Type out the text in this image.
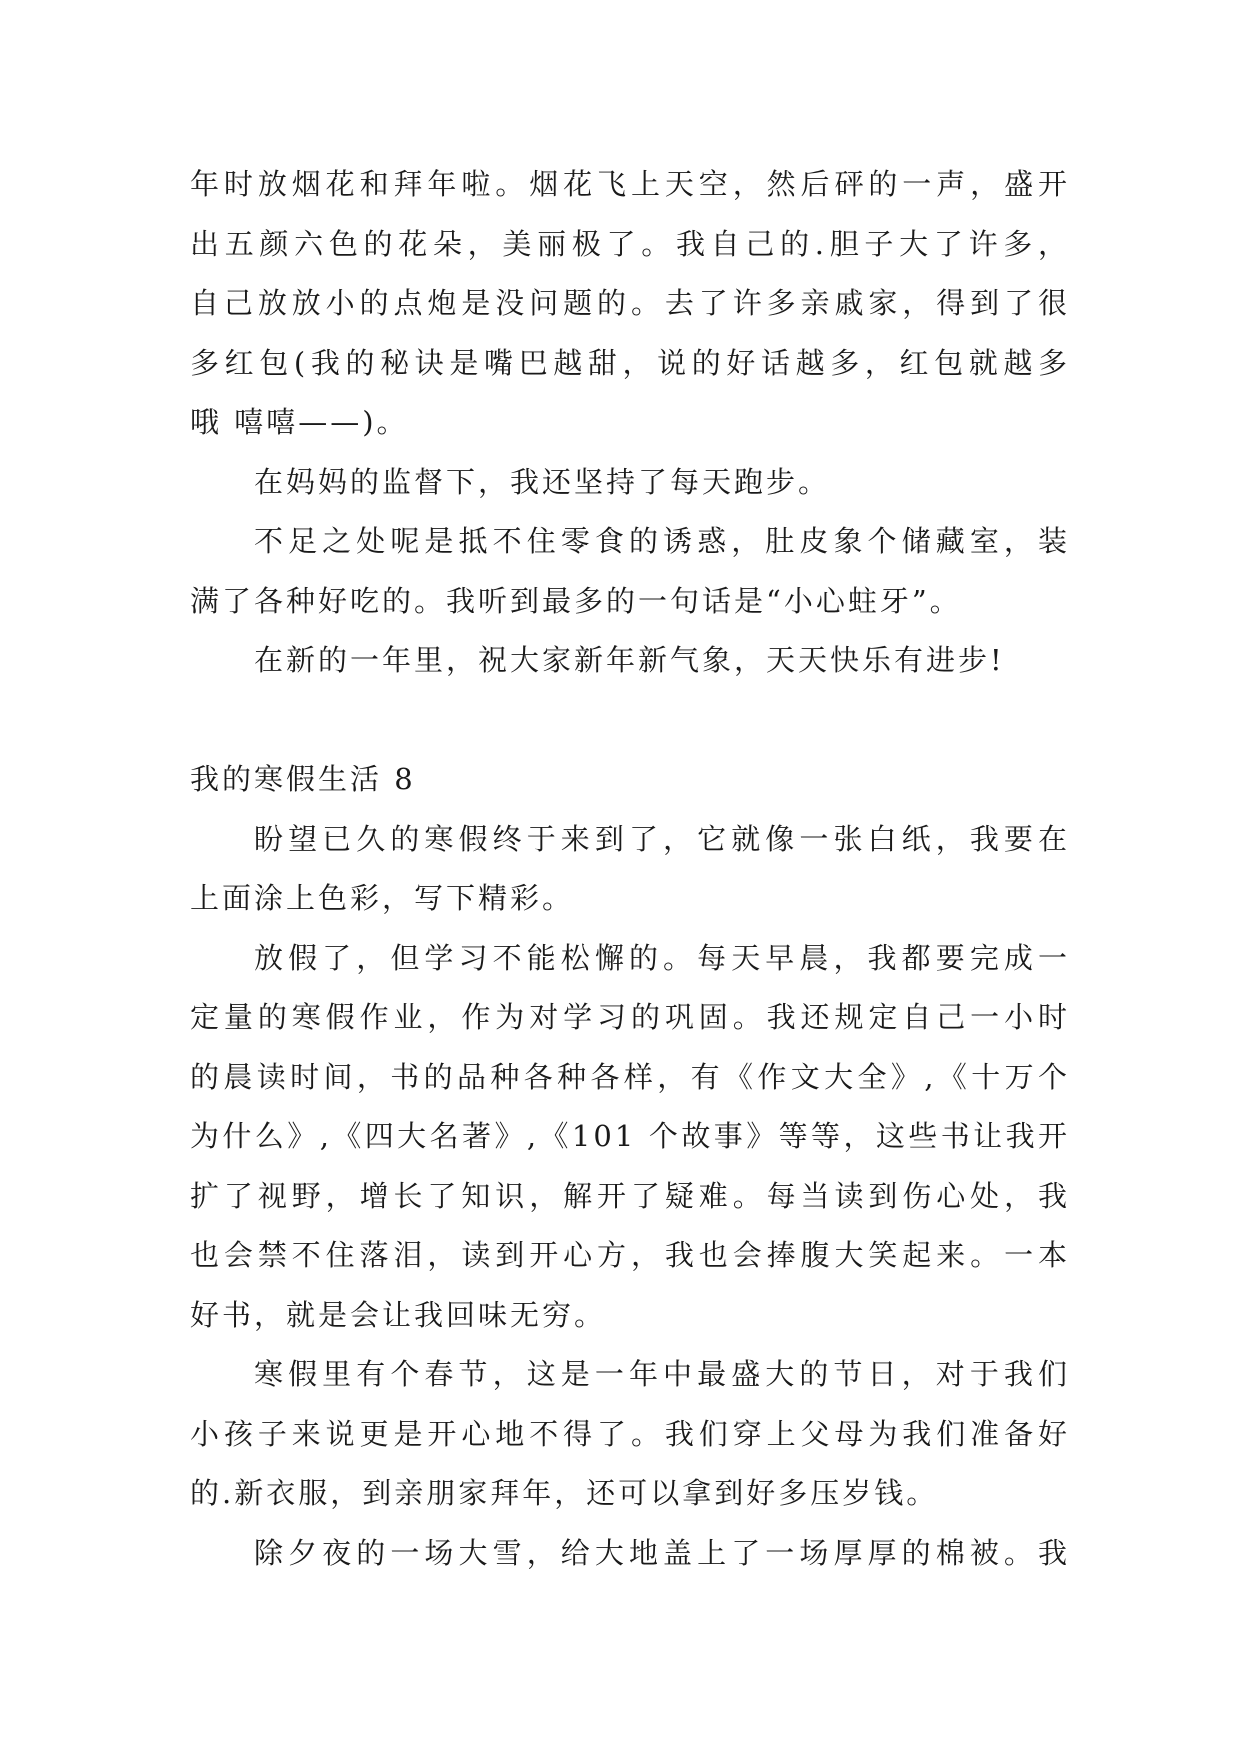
年时放烟花和拜年啦。烟花飞上天空，然后砰的一声，盛开
出五颜六色的花朵，美丽极了。我自己的.胆子大了许多，
自己放放小的点炮是没问题的。去了许多亲戚家，得到了很
多红包(我的秘诀是嘴巴越甜，说的好话越多，红包就越多
哦 嘻嘻——)。
在妈妈的监督下，我还坚持了每天跑步。
不足之处呢是抵不住零食的诱惑，肚皮象个储藏室，装
满了各种好吃的。我听到最多的一句话是“小心蛀牙”。
在新的一年里，祝大家新年新气象，天天快乐有进步!
我的寒假生活 8
盼望已久的寒假终于来到了，它就像一张白纸，我要在
上面涂上色彩，写下精彩。
放假了，但学习不能松懈的。每天早晨，我都要完成一
定量的寒假作业，作为对学习的巩固。我还规定自己一小时
的晨读时间，书的品种各种各样，有《作文大全》,《十万个
为什么》,《四大名著》,《101 个故事》等等，这些书让我开
扩了视野，增长了知识，解开了疑难。每当读到伤心处，我
也会禁不住落泪，读到开心方，我也会捧腹大笑起来。一本
好书，就是会让我回味无穷。
寒假里有个春节，这是一年中最盛大的节日，对于我们
小孩子来说更是开心地不得了。我们穿上父母为我们准备好
的.新衣服，到亲朋家拜年，还可以拿到好多压岁钱。
除夕夜的一场大雪，给大地盖上了一场厚厚的棉被。我
